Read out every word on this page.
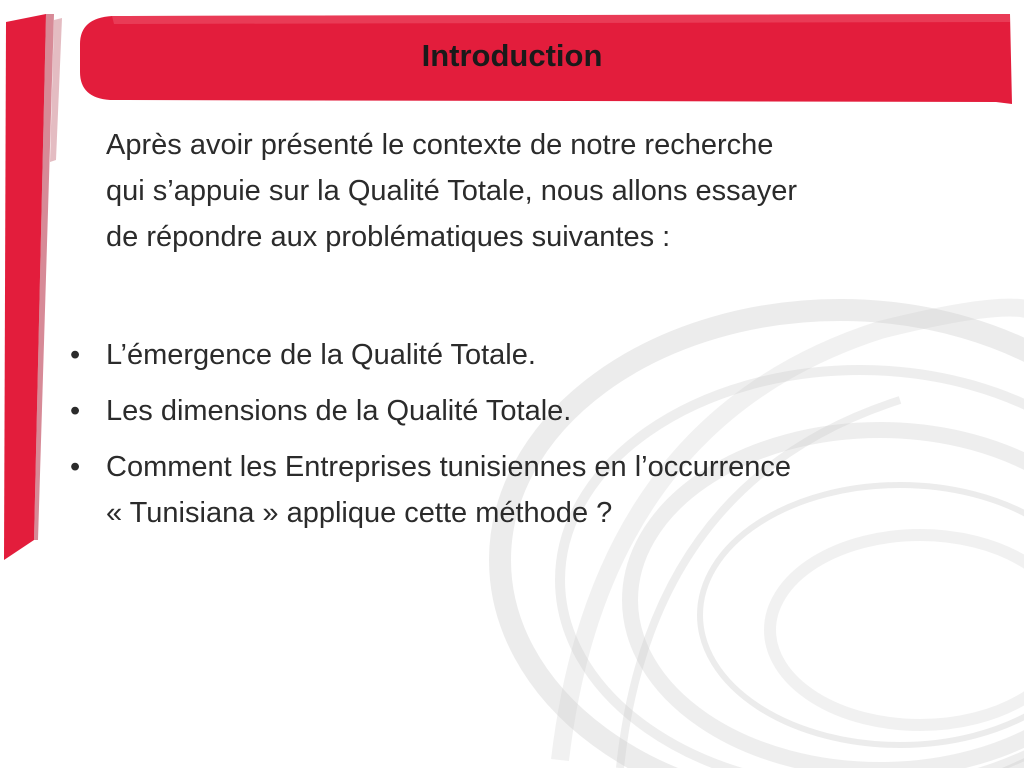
Introduction

Après avoir présenté le contexte de notre recherche
qui s’appuie sur la Qualité Totale, nous allons essayer
de répondre aux problématiques suivantes :

• L’émergence de la Qualité Totale.
• Les dimensions de la Qualité Totale.
• Comment les Entreprises tunisiennes en l’occurrence
« Tunisiana » applique cette méthode ?
